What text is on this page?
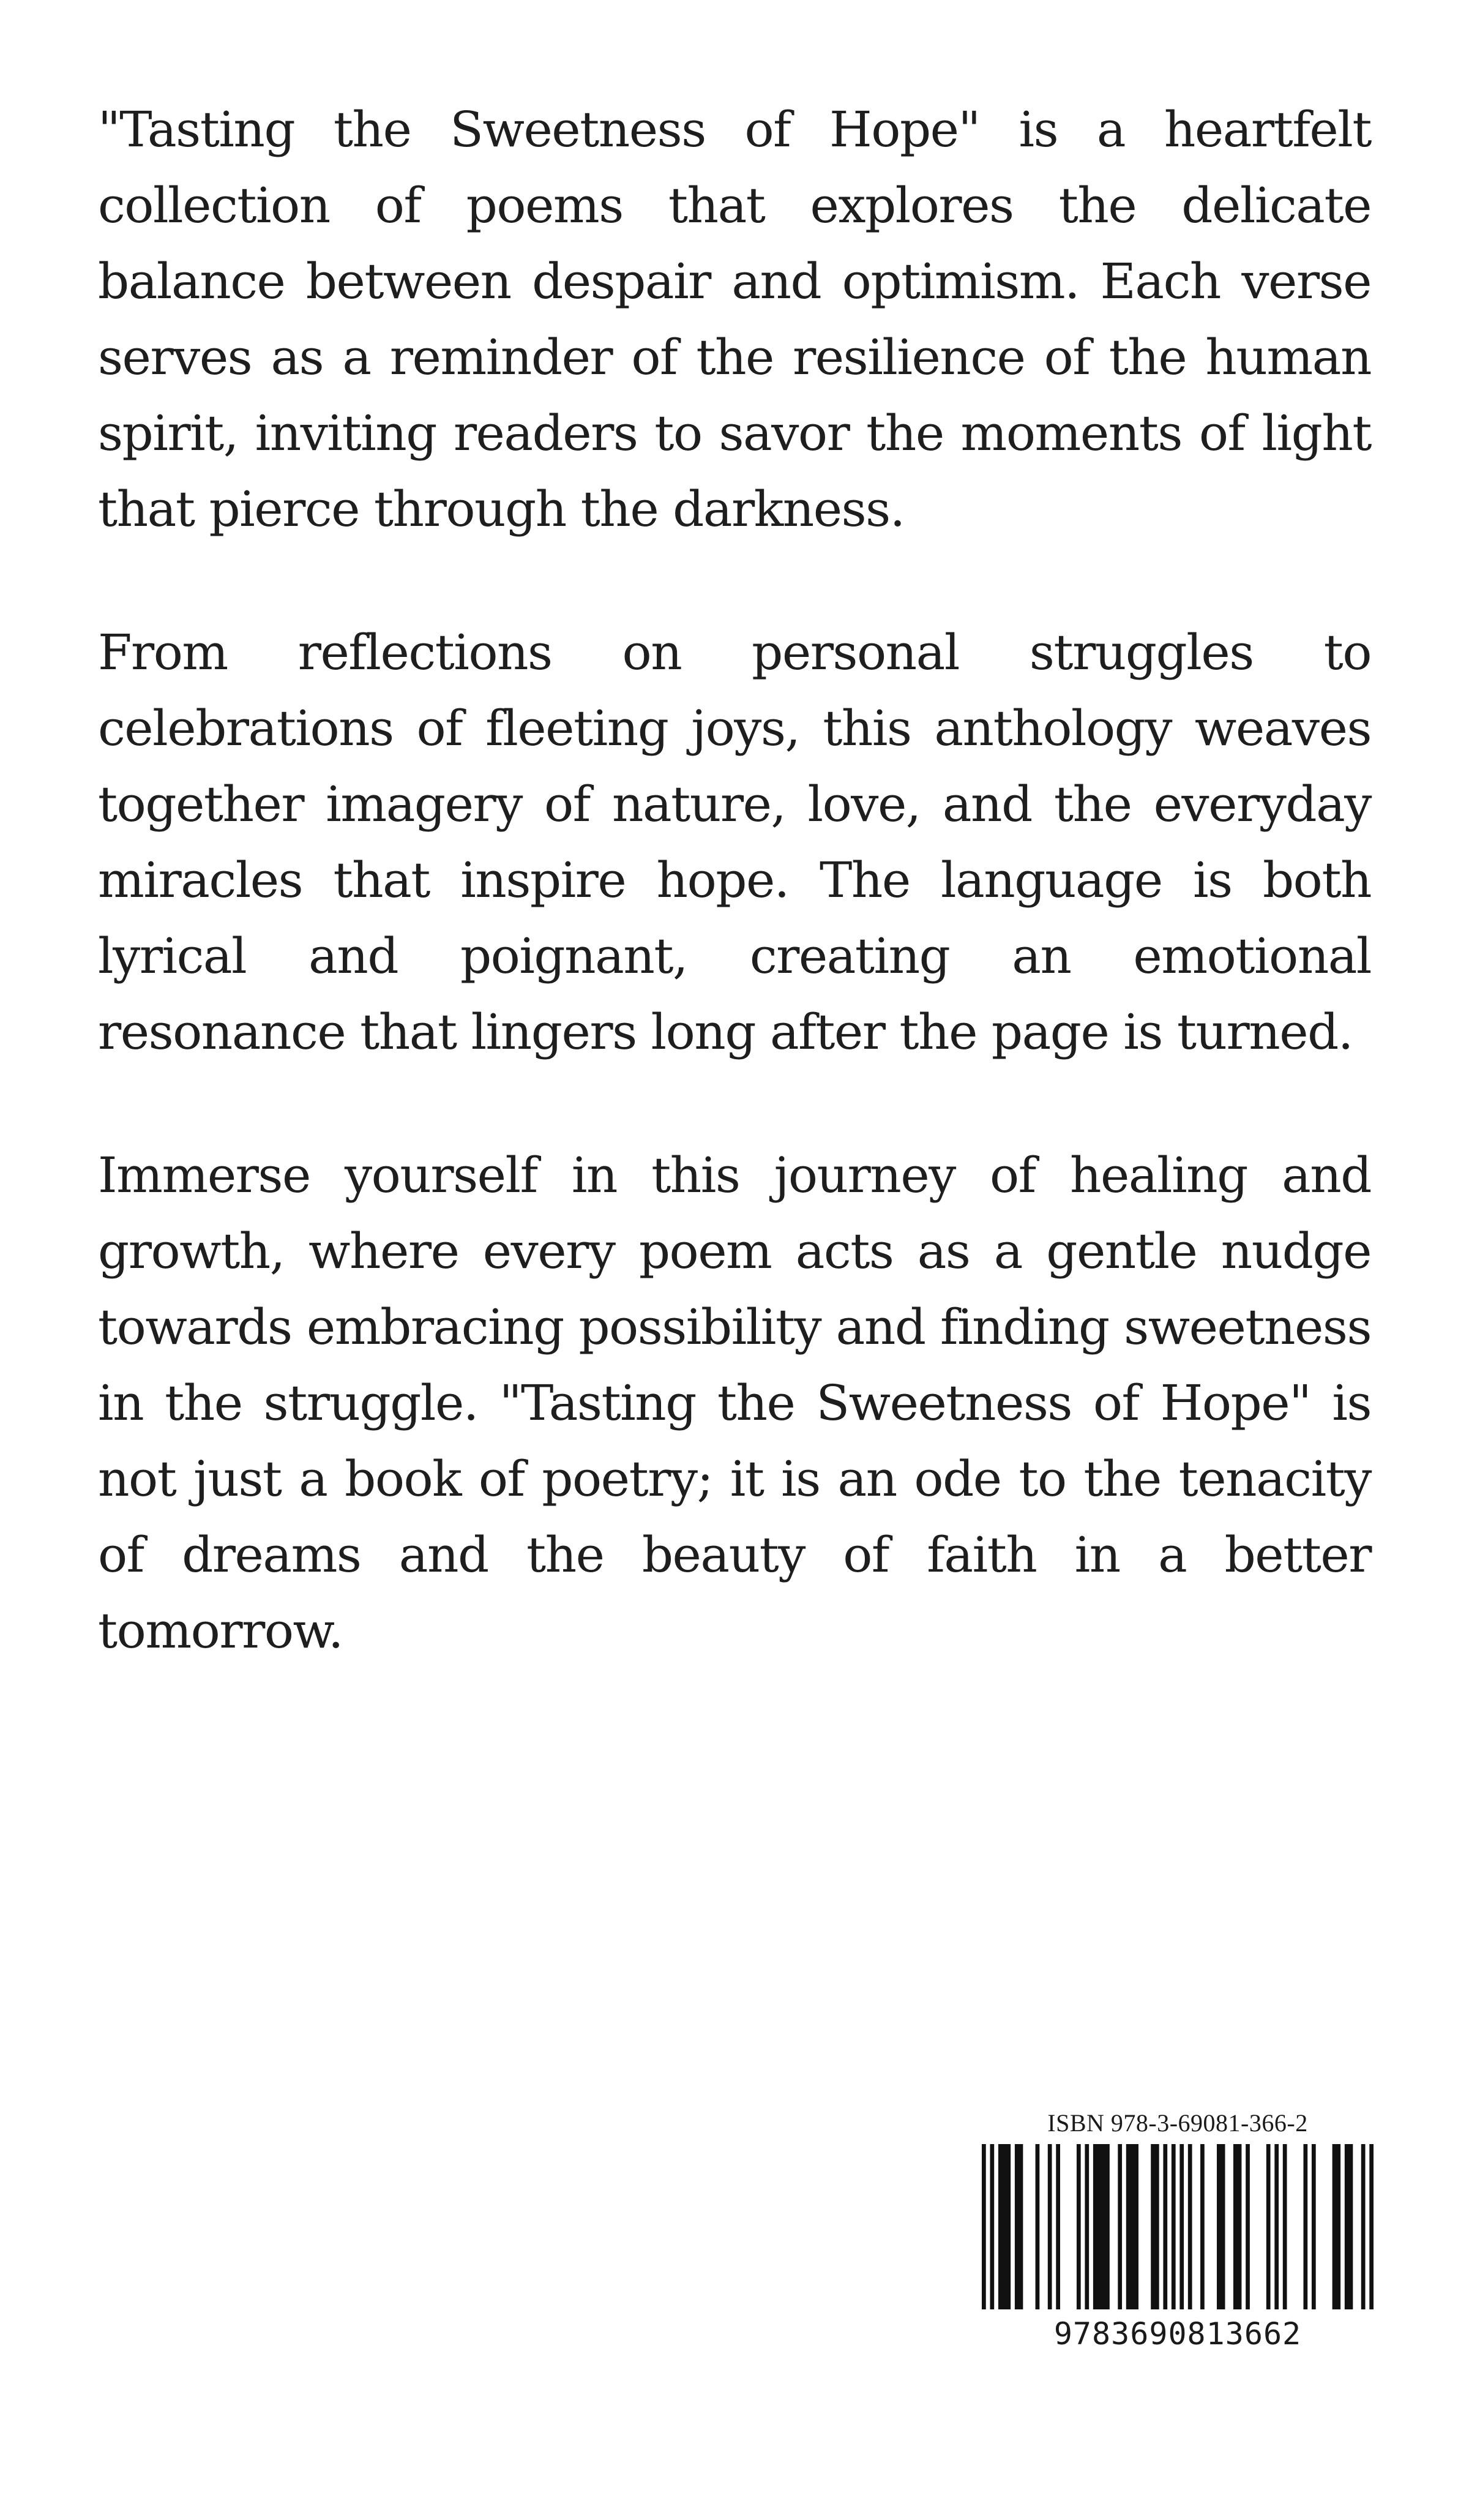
"Tasting the Sweetness of Hope" is a heartfelt collection of poems that explores the delicate balance between despair and optimism. Each verse serves as a reminder of the resilience of the human spirit, inviting readers to savor the moments of light that pierce through the darkness.

From reflections on personal struggles to celebrations of fleeting joys, this anthology weaves together imagery of nature, love, and the everyday miracles that inspire hope. The language is both lyrical and poignant, creating an emotional resonance that lingers long after the page is turned.

Immerse yourself in this journey of healing and growth, where every poem acts as a gentle nudge towards embracing possibility and finding sweetness in the struggle. "Tasting the Sweetness of Hope" is not just a book of poetry; it is an ode to the tenacity of dreams and the beauty of faith in a better tomorrow.

ISBN 978-3-69081-366-2
9783690813662
